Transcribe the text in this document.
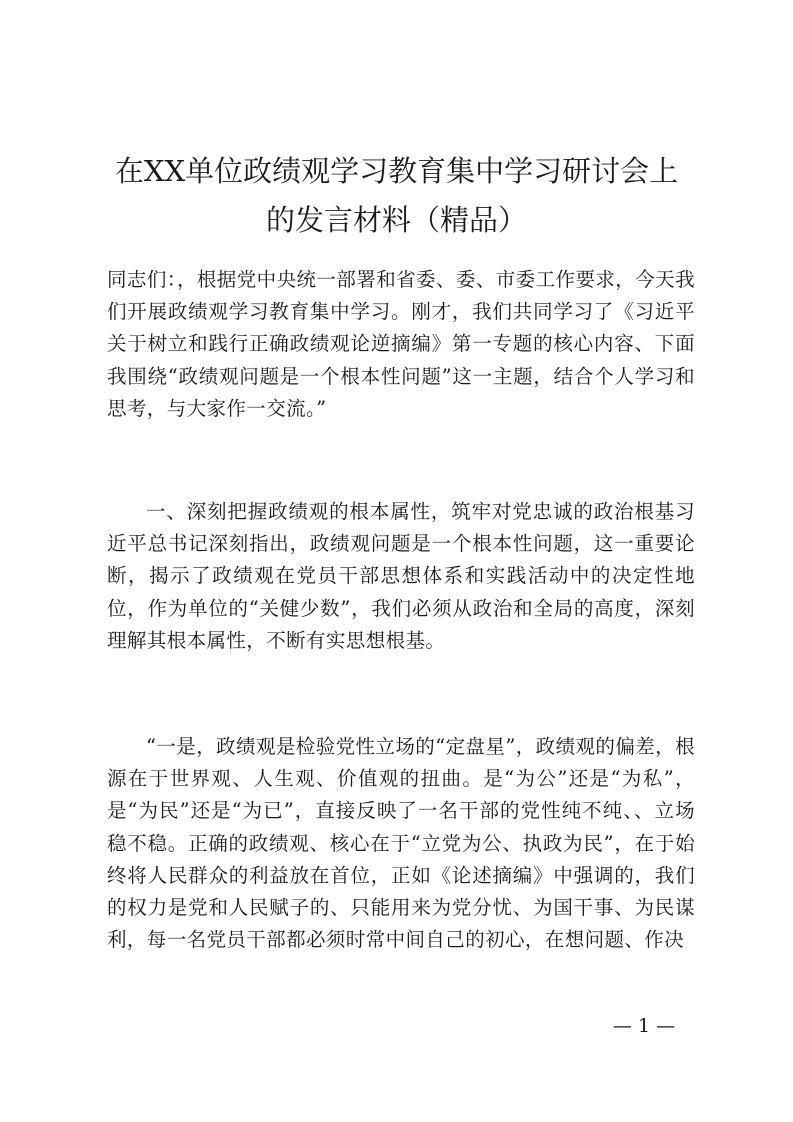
在XX单位政绩观学习教育集中学习研讨会上
的发言材料（精品）

同志们：，根据党中央统一部署和省委、委、市委工作要求，今天我们开展政绩观学习教育集中学习。刚才，我们共同学习了《习近平关于树立和践行正确政绩观论逆摘编》第一专题的核心内容、下面我围绕“政绩观问题是一个根本性问题”这一主题，结合个人学习和思考，与大家作一交流。”

一、深刻把握政绩观的根本属性，筑牢对党忠诚的政治根基习近平总书记深刻指出，政绩观问题是一个根本性问题，这一重要论断，揭示了政绩观在党员干部思想体系和实践活动中的决定性地位，作为单位的“关健少数”，我们必须从政治和全局的高度，深刻理解其根本属性，不断有实思想根基。

“一是，政绩观是检验党性立场的“定盘星”，政绩观的偏差，根源在于世界观、人生观、价值观的扭曲。是“为公”还是“为私”，是“为民”还是“为已”，直接反映了一名干部的党性纯不纯、、立场稳不稳。正确的政绩观、核心在于“立党为公、执政为民”，在于始终将人民群众的利益放在首位，正如《论述摘编》中强调的，我们的权力是党和人民赋子的、只能用来为党分忧、为国干事、为民谋利，每一名党员干部都必须时常中间自己的初心，在想问题、作决

— 1 —
